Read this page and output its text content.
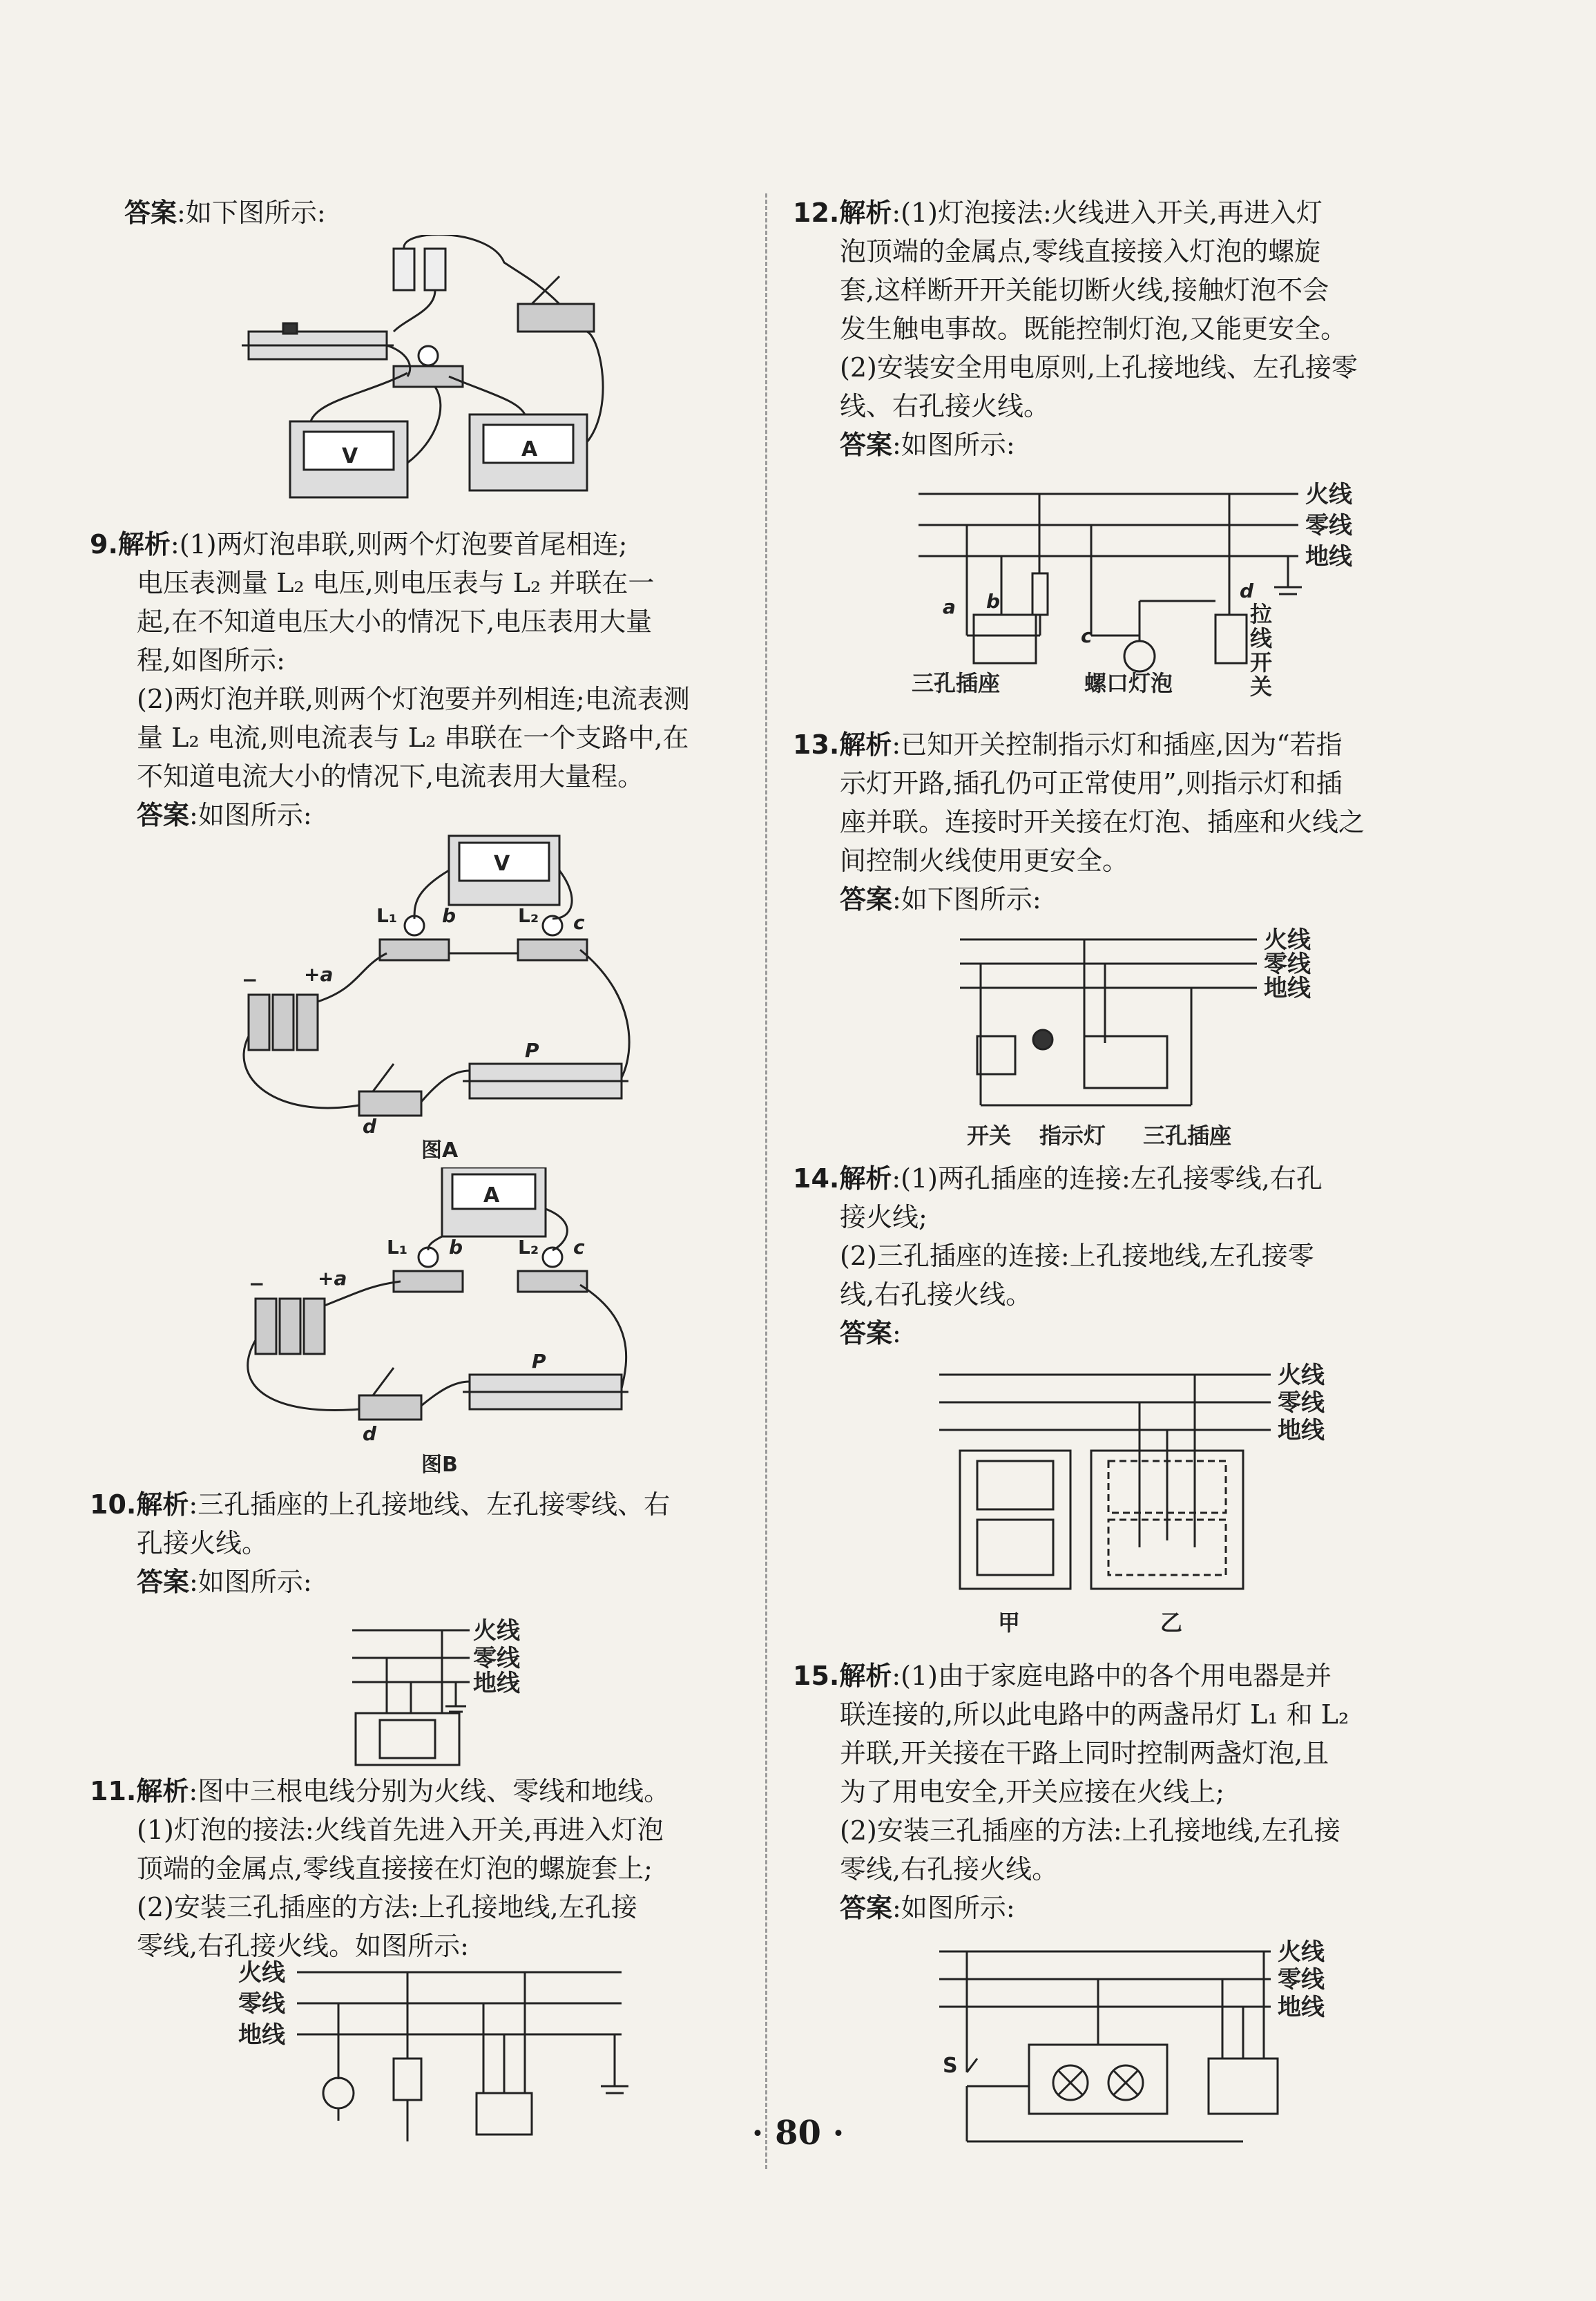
答案:如下图所示:

V	A

9.解析:(1)两灯泡串联,则两个灯泡要首尾相连;

电压表测量 L₂ 电压,则电压表与 L₂ 并联在一

起,在不知道电压大小的情况下,电压表用大量

程,如图所示:

(2)两灯泡并联,则两个灯泡要并列相连;电流表测

量 L₂ 电流,则电流表与 L₂ 串联在一个支路中,在

不知道电流大小的情况下,电流表用大量程。

答案:如图所示:

V
L₁ b	L₂ c
+a
−
P
d
图A
A
L₁ b	L₂ c
+a
−
P
d
图B

10.解析:三孔插座的上孔接地线、左孔接零线、右

孔接火线。

答案:如图所示:

火线
零线
地线

11.解析:图中三根电线分别为火线、零线和地线。

(1)灯泡的接法:火线首先进入开关,再进入灯泡

顶端的金属点,零线直接接在灯泡的螺旋套上;

(2)安装三孔插座的方法:上孔接地线,左孔接

零线,右孔接火线。如图所示:

火线
零线
地线

12.解析:(1)灯泡接法:火线进入开关,再进入灯

泡顶端的金属点,零线直接接入灯泡的螺旋

套,这样断开开关能切断火线,接触灯泡不会

发生触电事故。既能控制灯泡,又能更安全。

(2)安装安全用电原则,上孔接地线、左孔接零

线、右孔接火线。

答案:如图所示:

火线
零线
地线
a b
c
d
三孔插座	螺口灯泡
拉
线
开
关

13.解析:已知开关控制指示灯和插座,因为“若指

示灯开路,插孔仍可正常使用”,则指示灯和插

座并联。连接时开关接在灯泡、插座和火线之

间控制火线使用更安全。

答案:如下图所示:

火线
零线
地线
开关 指示灯 三孔插座

14.解析:(1)两孔插座的连接:左孔接零线,右孔

接火线;

(2)三孔插座的连接:上孔接地线,左孔接零

线,右孔接火线。

答案:

火线
零线
地线
甲	乙

15.解析:(1)由于家庭电路中的各个用电器是并

联连接的,所以此电路中的两盏吊灯 L₁ 和 L₂

并联,开关接在干路上同时控制两盏灯泡,且

为了用电安全,开关应接在火线上;

(2)安装三孔插座的方法:上孔接地线,左孔接

零线,右孔接火线。

答案:如图所示:

火线
零线
地线
S
· 80 ·
